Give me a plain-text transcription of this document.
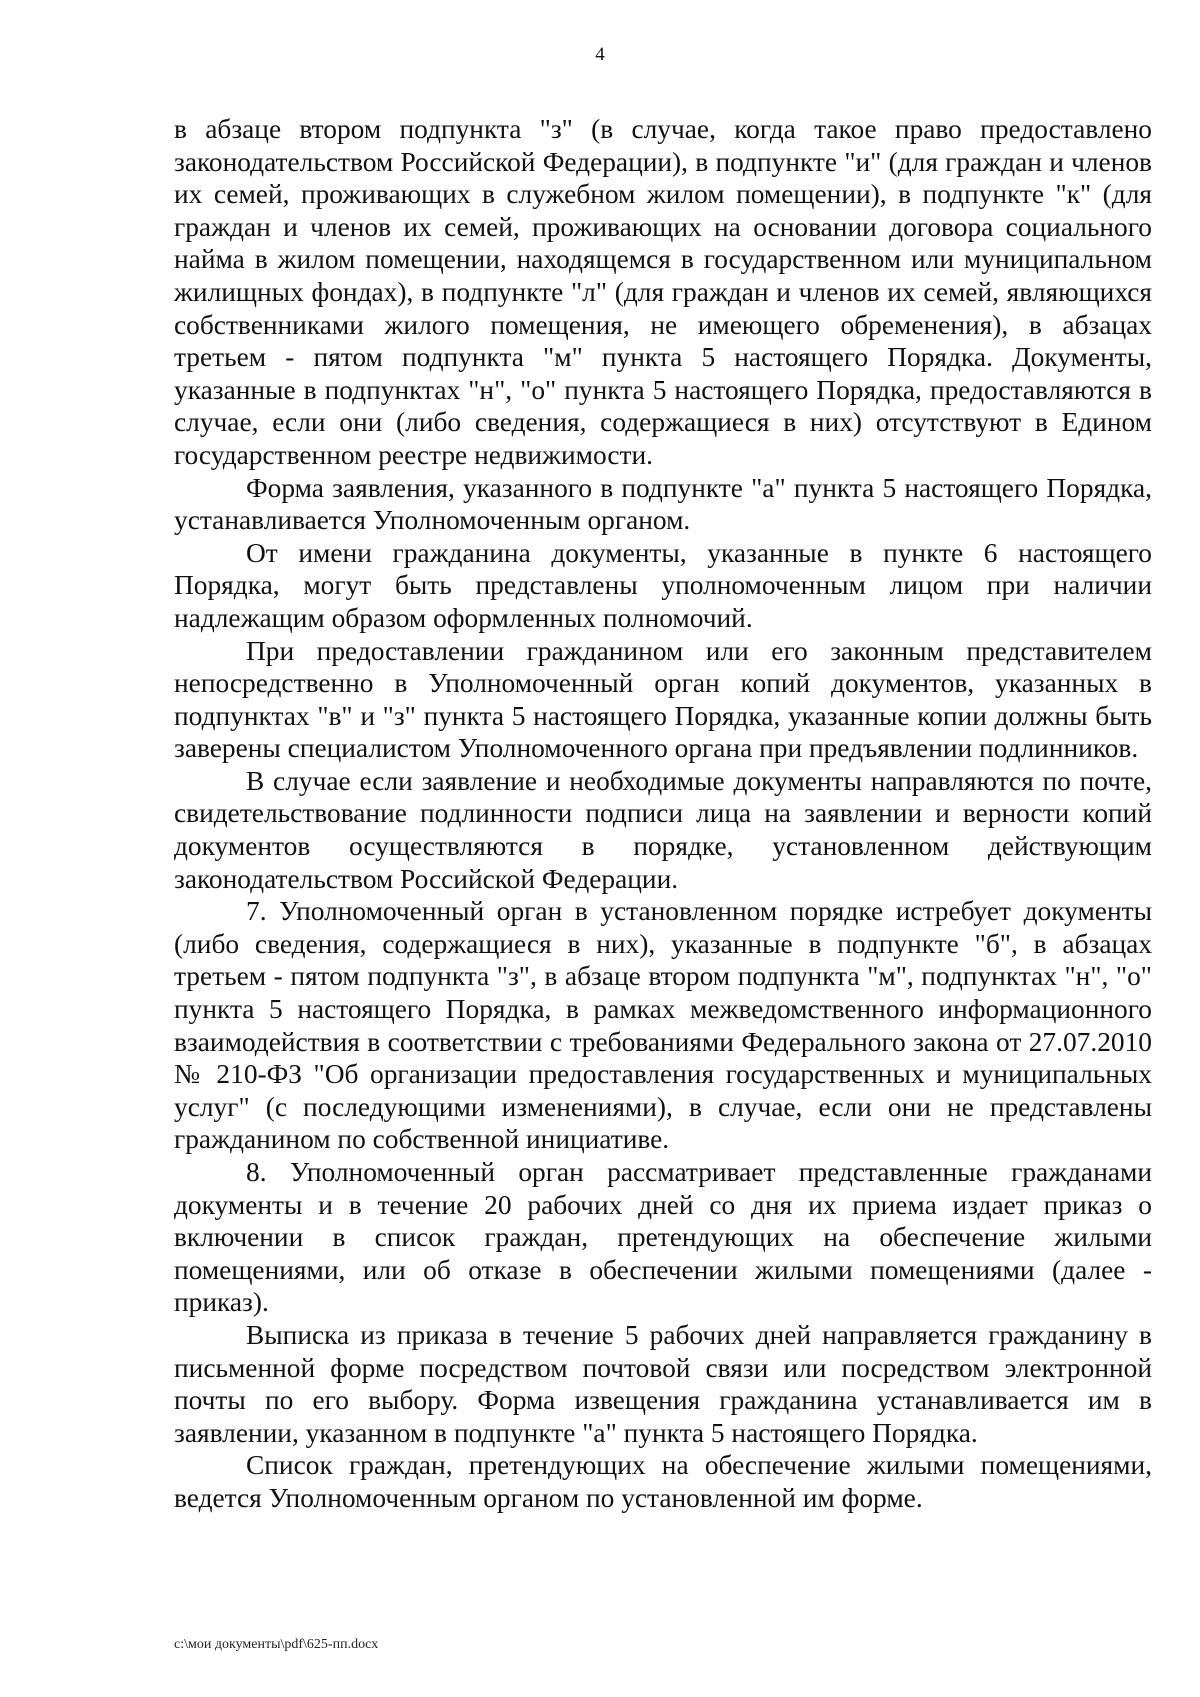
4

в абзаце втором подпункта "з" (в случае, когда такое право предоставлено законодательством Российской Федерации), в подпункте "и" (для граждан и членов их семей, проживающих в служебном жилом помещении), в подпункте "к" (для граждан и членов их семей, проживающих на основании договора социального найма в жилом помещении, находящемся в государственном или муниципальном жилищных фондах), в подпункте "л" (для граждан и членов их семей, являющихся собственниками жилого помещения, не имеющего обременения), в абзацах третьем - пятом подпункта "м" пункта 5 настоящего Порядка. Документы, указанные в подпунктах "н", "о" пункта 5 настоящего Порядка, предоставляются в случае, если они (либо сведения, содержащиеся в них) отсутствуют в Едином государственном реестре недвижимости.

Форма заявления, указанного в подпункте "а" пункта 5 настоящего Порядка, устанавливается Уполномоченным органом.

От имени гражданина документы, указанные в пункте 6 настоящего Порядка, могут быть представлены уполномоченным лицом при наличии надлежащим образом оформленных полномочий.

При предоставлении гражданином или его законным представителем непосредственно в Уполномоченный орган копий документов, указанных в подпунктах "в" и "з" пункта 5 настоящего Порядка, указанные копии должны быть заверены специалистом Уполномоченного органа при предъявлении подлинников.

В случае если заявление и необходимые документы направляются по почте, свидетельствование подлинности подписи лица на заявлении и верности копий документов осуществляются в порядке, установленном действующим законодательством Российской Федерации.

7. Уполномоченный орган в установленном порядке истребует документы (либо сведения, содержащиеся в них), указанные в подпункте "б", в абзацах третьем - пятом подпункта "з", в абзаце втором подпункта "м", подпунктах "н", "о" пункта 5 настоящего Порядка, в рамках межведомственного информационного взаимодействия в соответствии с требованиями Федерального закона от 27.07.2010 № 210-ФЗ "Об организации предоставления государственных и муниципальных услуг" (с последующими изменениями), в случае, если они не представлены гражданином по собственной инициативе.

8. Уполномоченный орган рассматривает представленные гражданами документы и в течение 20 рабочих дней со дня их приема издает приказ о включении в список граждан, претендующих на обеспечение жилыми помещениями, или об отказе в обеспечении жилыми помещениями (далее - приказ).

Выписка из приказа в течение 5 рабочих дней направляется гражданину в письменной форме посредством почтовой связи или посредством электронной почты по его выбору. Форма извещения гражданина устанавливается им в заявлении, указанном в подпункте "а" пункта 5 настоящего Порядка.

Список граждан, претендующих на обеспечение жилыми помещениями, ведется Уполномоченным органом по установленной им форме.

c:\мои документы\pdf\625-пп.docx
